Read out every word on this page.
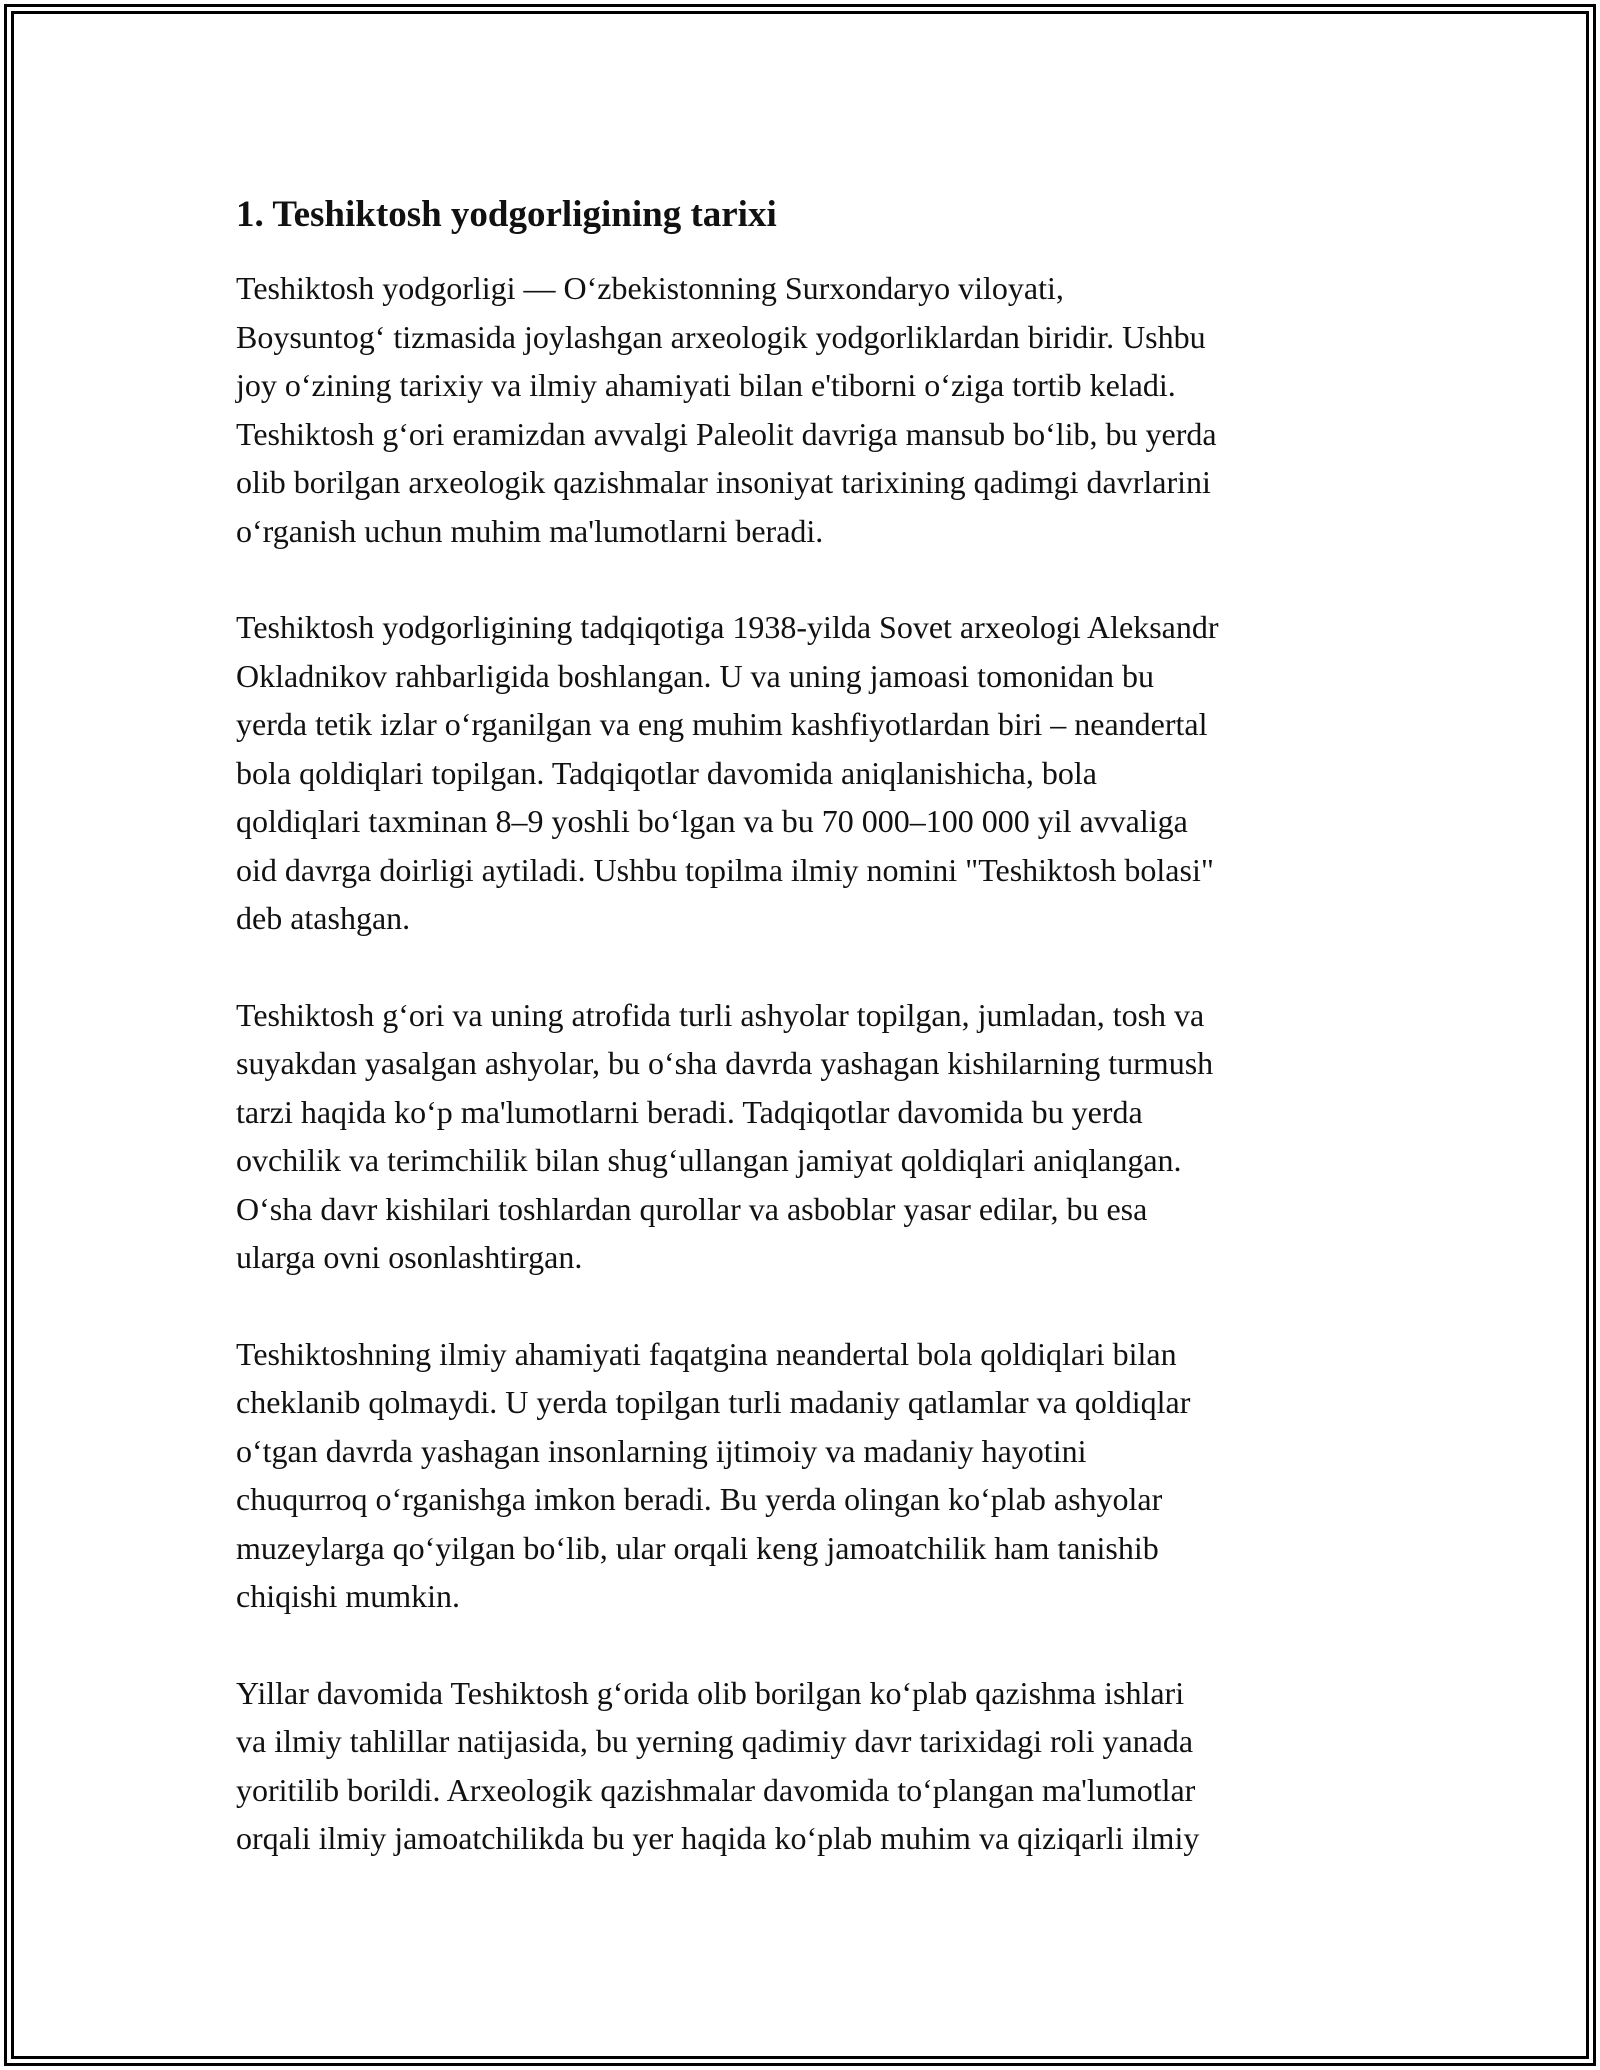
1. Teshiktosh yodgorligining tarixi

Teshiktosh yodgorligi — O‘zbekistonning Surxondaryo viloyati,
Boysuntog‘ tizmasida joylashgan arxeologik yodgorliklardan biridir. Ushbu
joy o‘zining tarixiy va ilmiy ahamiyati bilan e'tiborni o‘ziga tortib keladi.
Teshiktosh g‘ori eramizdan avvalgi Paleolit davriga mansub bo‘lib, bu yerda
olib borilgan arxeologik qazishmalar insoniyat tarixining qadimgi davrlarini
o‘rganish uchun muhim ma'lumotlarni beradi.

Teshiktosh yodgorligining tadqiqotiga 1938-yilda Sovet arxeologi Aleksandr
Okladnikov rahbarligida boshlangan. U va uning jamoasi tomonidan bu
yerda tetik izlar o‘rganilgan va eng muhim kashfiyotlardan biri – neandertal
bola qoldiqlari topilgan. Tadqiqotlar davomida aniqlanishicha, bola
qoldiqlari taxminan 8–9 yoshli bo‘lgan va bu 70 000–100 000 yil avvaliga
oid davrga doirligi aytiladi. Ushbu topilma ilmiy nomini "Teshiktosh bolasi"
deb atashgan.

Teshiktosh g‘ori va uning atrofida turli ashyolar topilgan, jumladan, tosh va
suyakdan yasalgan ashyolar, bu o‘sha davrda yashagan kishilarning turmush
tarzi haqida ko‘p ma'lumotlarni beradi. Tadqiqotlar davomida bu yerda
ovchilik va terimchilik bilan shug‘ullangan jamiyat qoldiqlari aniqlangan.
O‘sha davr kishilari toshlardan qurollar va asboblar yasar edilar, bu esa
ularga ovni osonlashtirgan.

Teshiktoshning ilmiy ahamiyati faqatgina neandertal bola qoldiqlari bilan
cheklanib qolmaydi. U yerda topilgan turli madaniy qatlamlar va qoldiqlar
o‘tgan davrda yashagan insonlarning ijtimoiy va madaniy hayotini
chuqurroq o‘rganishga imkon beradi. Bu yerda olingan ko‘plab ashyolar
muzeylarga qo‘yilgan bo‘lib, ular orqali keng jamoatchilik ham tanishib
chiqishi mumkin.

Yillar davomida Teshiktosh g‘orida olib borilgan ko‘plab qazishma ishlari
va ilmiy tahlillar natijasida, bu yerning qadimiy davr tarixidagi roli yanada
yoritilib borildi. Arxeologik qazishmalar davomida to‘plangan ma'lumotlar
orqali ilmiy jamoatchilikda bu yer haqida ko‘plab muhim va qiziqarli ilmiy
